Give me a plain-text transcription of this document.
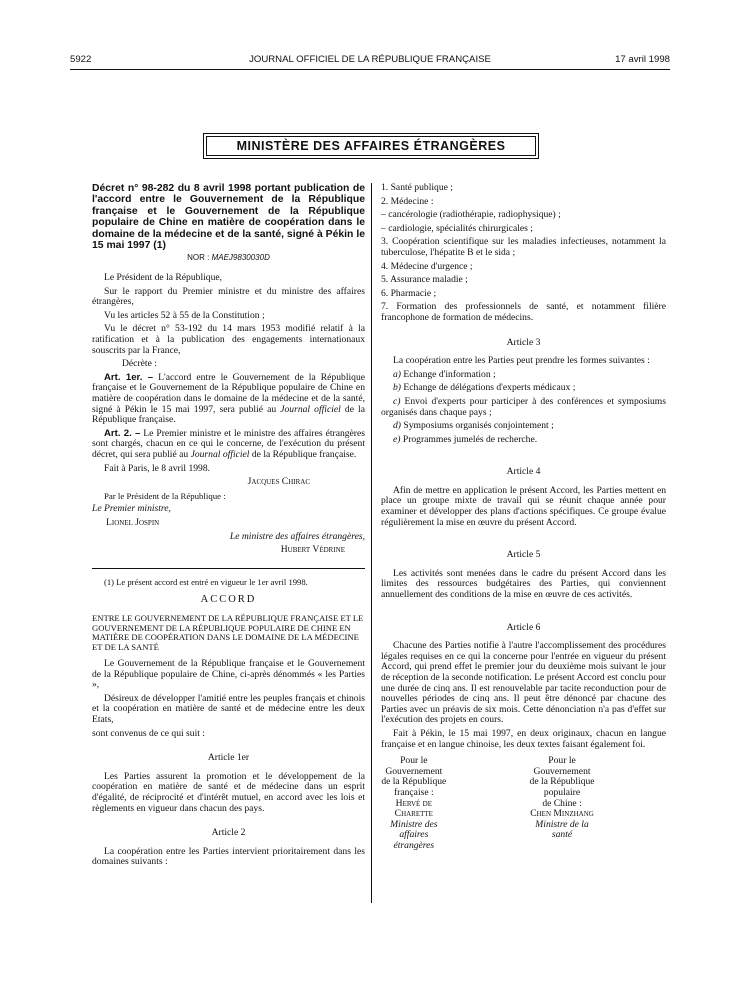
5922	JOURNAL OFFICIEL DE LA RÉPUBLIQUE FRANÇAISE	17 avril 1998
MINISTÈRE DES AFFAIRES ÉTRANGÈRES

Décret n° 98-282 du 8 avril 1998 portant publication de l'accord entre le Gouvernement de la République française et le Gouvernement de la République populaire de Chine en matière de coopération dans le domaine de la médecine et de la santé, signé à Pékin le 15 mai 1997 (1)

NOR : MAEJ9830030D

Le Président de la République,

Sur le rapport du Premier ministre et du ministre des affaires étrangères,

Vu les articles 52 à 55 de la Constitution ;

Vu le décret n° 53-192 du 14 mars 1953 modifié relatif à la ratification et à la publication des engagements internationaux souscrits par la France,

Décrète :

Art. 1er. – L'accord entre le Gouvernement de la République française et le Gouvernement de la République populaire de Chine en matière de coopération dans le domaine de la médecine et de la santé, signé à Pékin le 15 mai 1997, sera publié au Journal officiel de la République française.

Art. 2. – Le Premier ministre et le ministre des affaires étrangères sont chargés, chacun en ce qui le concerne, de l'exécution du présent décret, qui sera publié au Journal officiel de la République française.

Fait à Paris, le 8 avril 1998.

Jacques Chirac

Par le Président de la République :

Le Premier ministre,

Lionel Jospin

Le ministre des affaires étrangères,

Hubert Védrine

(1) Le présent accord est entré en vigueur le 1er avril 1998.

ACCORD

ENTRE LE GOUVERNEMENT DE LA RÉPUBLIQUE FRANÇAISE ET LE GOUVERNEMENT DE LA RÉPUBLIQUE POPULAIRE DE CHINE EN MATIÈRE DE COOPÉRATION DANS LE DOMAINE DE LA MÉDECINE ET DE LA SANTÉ

Le Gouvernement de la République française et le Gouvernement de la République populaire de Chine, ci-après dénommés « les Parties »,

Désireux de développer l'amitié entre les peuples français et chinois et la coopération en matière de santé et de médecine entre les deux Etats,

sont convenus de ce qui suit :

Article 1er

Les Parties assurent la promotion et le développement de la coopération en matière de santé et de médecine dans un esprit d'égalité, de réciprocité et d'intérêt mutuel, en accord avec les lois et règlements en vigueur dans chacun des pays.

Article 2

La coopération entre les Parties intervient prioritairement dans les domaines suivants :

1. Santé publique ;

2. Médecine :

– cancérologie (radiothérapie, radiophysique) ;

– cardiologie, spécialités chirurgicales ;

3. Coopération scientifique sur les maladies infectieuses, notamment la tuberculose, l'hépatite B et le sida ;

4. Médecine d'urgence ;

5. Assurance maladie ;

6. Pharmacie ;

7. Formation des professionnels de santé, et notamment filière francophone de formation de médecins.

Article 3

La coopération entre les Parties peut prendre les formes suivantes :

a) Echange d'information ;

b) Echange de délégations d'experts médicaux ;

c) Envoi d'experts pour participer à des conférences et symposiums organisés dans chaque pays ;

d) Symposiums organisés conjointement ;

e) Programmes jumelés de recherche.

Article 4

Afin de mettre en application le présent Accord, les Parties mettent en place un groupe mixte de travail qui se réunit chaque année pour examiner et développer des plans d'actions spécifiques. Ce groupe évalue régulièrement la mise en œuvre du présent Accord.

Article 5

Les activités sont menées dans le cadre du présent Accord dans les limites des ressources budgétaires des Parties, qui conviennent annuellement des conditions de la mise en œuvre de ces activités.

Article 6

Chacune des Parties notifie à l'autre l'accomplissement des procédures légales requises en ce qui la concerne pour l'entrée en vigueur du présent Accord, qui prend effet le premier jour du deuxième mois suivant le jour de réception de la seconde notification. Le présent Accord est conclu pour une durée de cinq ans. Il est renouvelable par tacite reconduction pour de nouvelles périodes de cinq ans. Il peut être dénoncé par chacune des Parties avec un préavis de six mois. Cette dénonciation n'a pas d'effet sur l'exécution des projets en cours.

Fait à Pékin, le 15 mai 1997, en deux originaux, chacun en langue française et en langue chinoise, les deux textes faisant également foi.

Pour le Gouvernement
de la République française :
Hervé de Charette
Ministre des affaires étrangères
Pour le Gouvernement
de la République populaire
de Chine :
Chen Minzhang
Ministre de la santé
